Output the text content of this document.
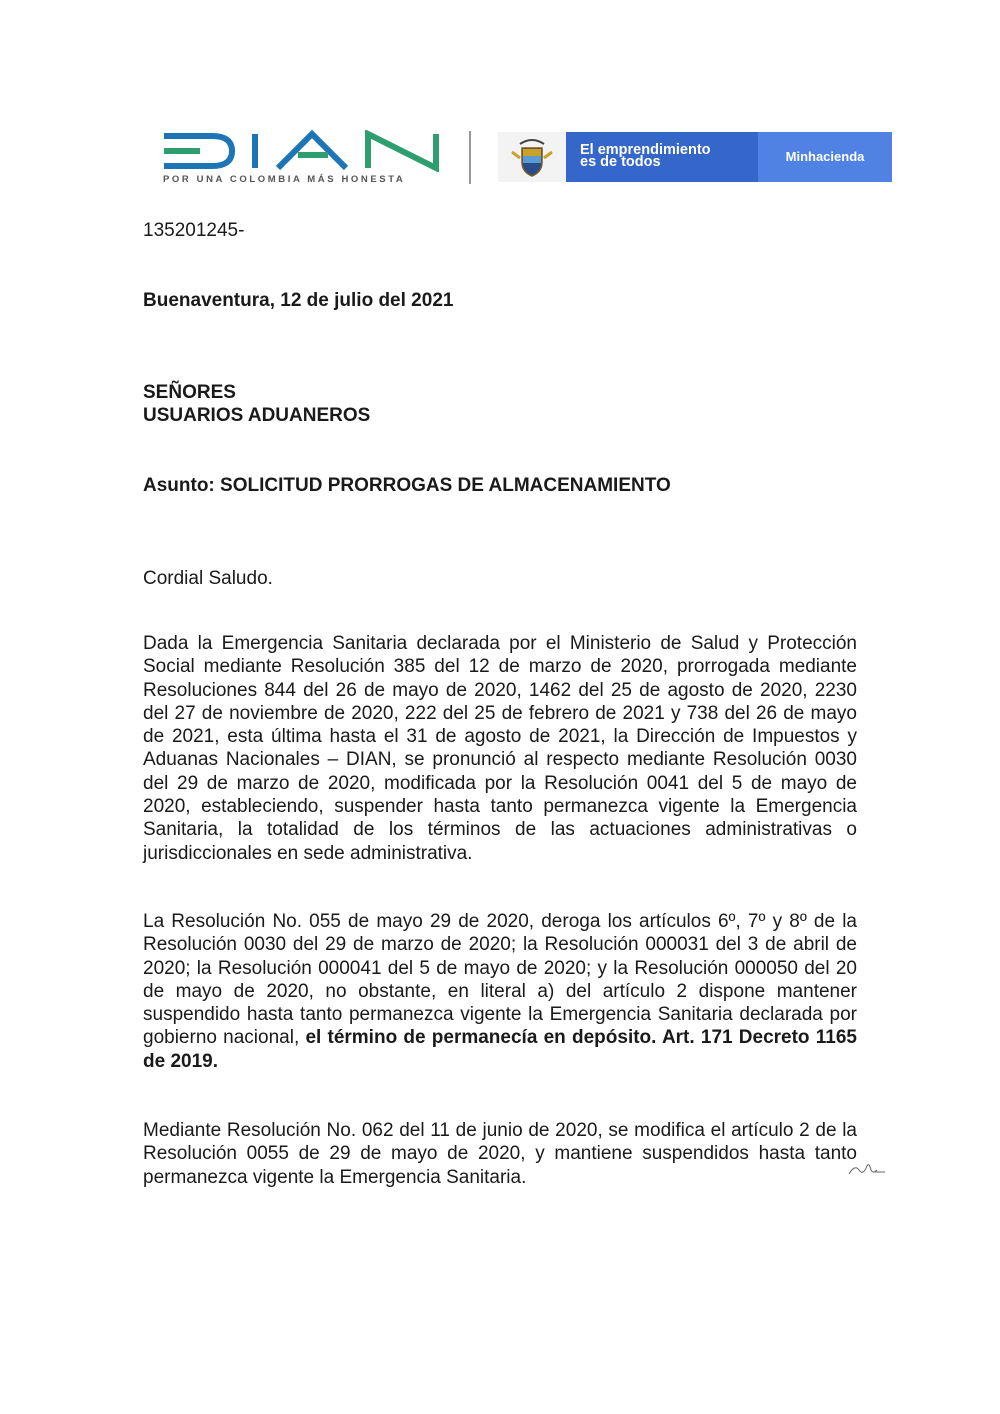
DIAN
POR UNA COLOMBIA MÁS HONESTA
El emprendimiento
es de todos	Minhacienda
135201245-
Buenaventura, 12 de julio del 2021
SEÑORES
USUARIOS ADUANEROS
Asunto: SOLICITUD PRORROGAS DE ALMACENAMIENTO
Cordial Saludo.

Dada la Emergencia Sanitaria declarada por el Ministerio de Salud y Protección Social mediante Resolución 385 del 12 de marzo de 2020, prorrogada mediante Resoluciones 844 del 26 de mayo de 2020, 1462 del 25 de agosto de 2020, 2230 del 27 de noviembre de 2020, 222 del 25 de febrero de 2021 y 738 del 26 de mayo de 2021, esta última hasta el 31 de agosto de 2021, la Dirección de Impuestos y Aduanas Nacionales – DIAN, se pronunció al respecto mediante Resolución 0030 del 29 de marzo de 2020, modificada por la Resolución 0041 del 5 de mayo de 2020, estableciendo, suspender hasta tanto permanezca vigente la Emergencia Sanitaria, la totalidad de los términos de las actuaciones administrativas o jurisdiccionales en sede administrativa.

La Resolución No. 055 de mayo 29 de 2020, deroga los artículos 6º, 7º y 8º de la Resolución 0030 del 29 de marzo de 2020; la Resolución 000031 del 3 de abril de 2020; la Resolución 000041 del 5 de mayo de 2020; y la Resolución 000050 del 20 de mayo de 2020, no obstante, en literal a) del artículo 2 dispone mantener suspendido hasta tanto permanezca vigente la Emergencia Sanitaria declarada por gobierno nacional, el término de permanecía en depósito. Art. 171 Decreto 1165 de 2019.

Mediante Resolución No. 062 del 11 de junio de 2020, se modifica el artículo 2 de la Resolución 0055 de 29 de mayo de 2020, y mantiene suspendidos hasta tanto permanezca vigente la Emergencia Sanitaria.
